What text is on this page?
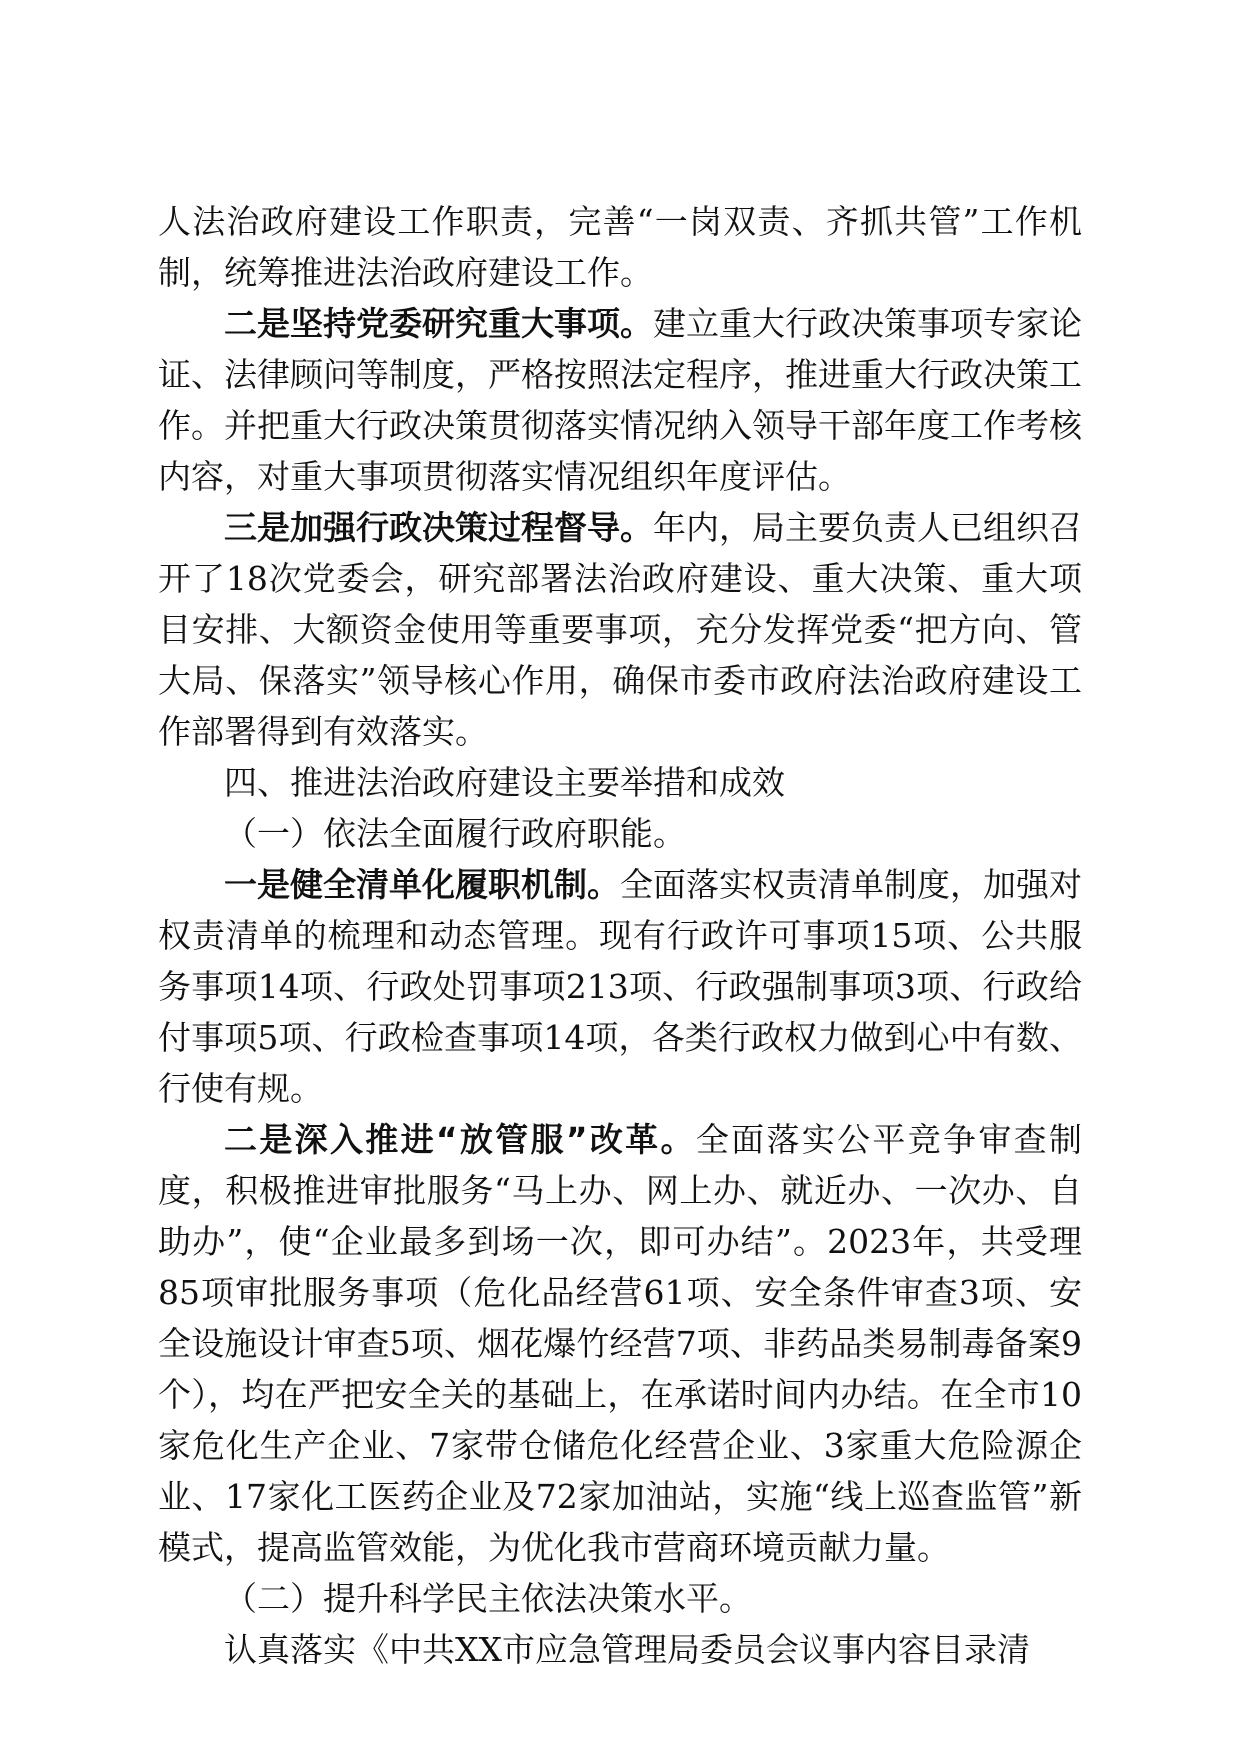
人法治政府建设工作职责，完善“一岗双责、齐抓共管”工作机制，统筹推进法治政府建设工作。

二是坚持党委研究重大事项。建立重大行政决策事项专家论证、法律顾问等制度，严格按照法定程序，推进重大行政决策工作。并把重大行政决策贯彻落实情况纳入领导干部年度工作考核内容，对重大事项贯彻落实情况组织年度评估。

三是加强行政决策过程督导。年内，局主要负责人已组织召开了18次党委会，研究部署法治政府建设、重大决策、重大项目安排、大额资金使用等重要事项，充分发挥党委“把方向、管大局、保落实”领导核心作用，确保市委市政府法治政府建设工作部署得到有效落实。

四、推进法治政府建设主要举措和成效

（一）依法全面履行政府职能。

一是健全清单化履职机制。全面落实权责清单制度，加强对权责清单的梳理和动态管理。现有行政许可事项15项、公共服务事项14项、行政处罚事项213项、行政强制事项3项、行政给付事项5项、行政检查事项14项，各类行政权力做到心中有数、行使有规。

二是深入推进“放管服”改革。全面落实公平竞争审查制度，积极推进审批服务“马上办、网上办、就近办、一次办、自助办”，使“企业最多到场一次，即可办结”。2023年，共受理85项审批服务事项（危化品经营61项、安全条件审查3项、安全设施设计审查5项、烟花爆竹经营7项、非药品类易制毒备案9个），均在严把安全关的基础上，在承诺时间内办结。在全市10家危化生产企业、7家带仓储危化经营企业、3家重大危险源企业、17家化工医药企业及72家加油站，实施“线上巡查监管”新模式，提高监管效能，为优化我市营商环境贡献力量。

（二）提升科学民主依法决策水平。

认真落实《中共XX市应急管理局委员会议事内容目录清
